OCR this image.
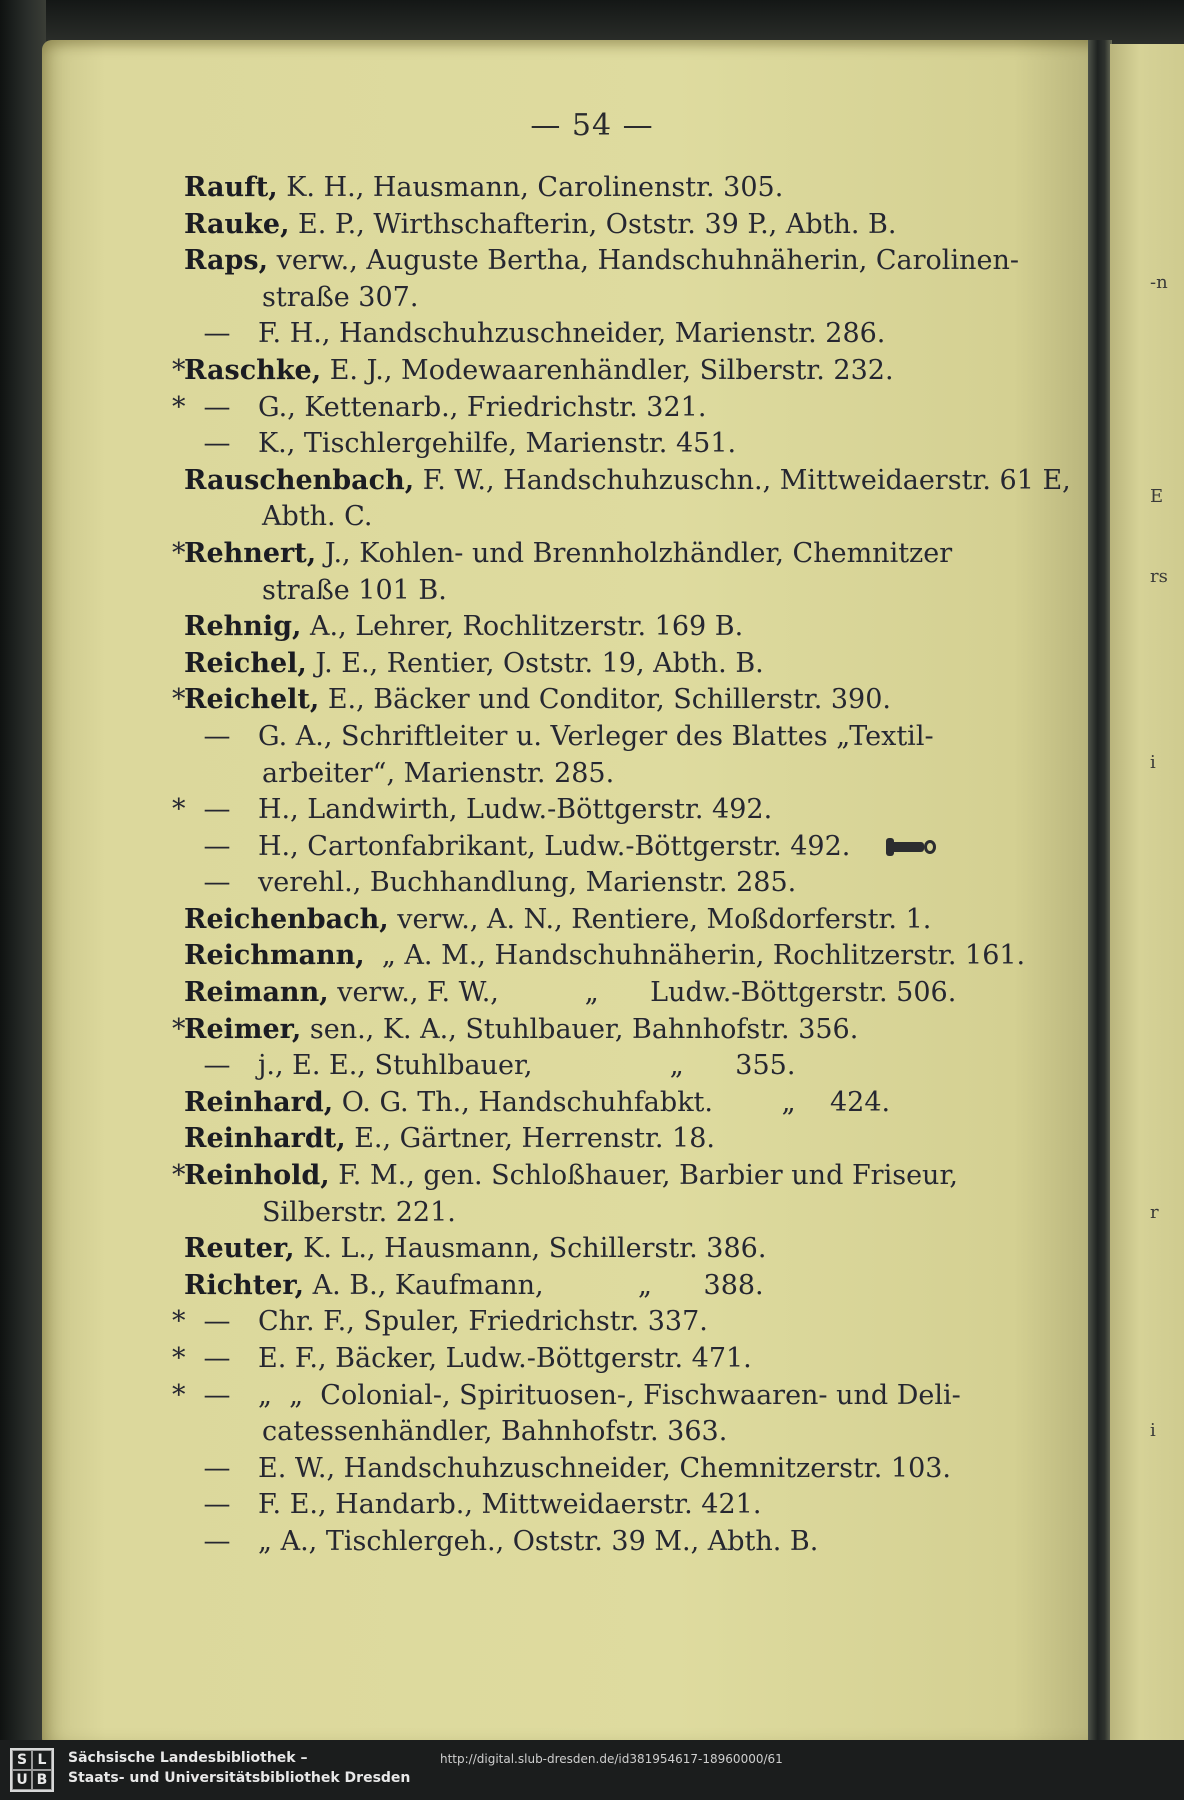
-n
E
rs
i
r
i
— 54 —
Rauft, K. H., Hausmann, Carolinenstr. 305.
Rauke, E. P., Wirthschafterin, Oststr. 39 P., Abth. B.
Raps, verw., Auguste Bertha, Handschuhnäherin, Carolinen-
straße 307.
—	F. H., Handschuhzuschneider, Marienstr. 286.
*
Raschke, E. J., Modewaarenhändler, Silberstr. 232.
* —	G., Kettenarb., Friedrichstr. 321.
—	K., Tischlergehilfe, Marienstr. 451.
Rauschenbach, F. W., Handschuhzuschn., Mittweidaerstr. 61 E,
Abth. C.
*
Rehnert, J., Kohlen- und Brennholzhändler, Chemnitzer
straße 101 B.
Rehnig, A., Lehrer, Rochlitzerstr. 169 B.
Reichel, J. E., Rentier, Oststr. 19, Abth. B.
*
Reichelt, E., Bäcker und Conditor, Schillerstr. 390.
—	G. A., Schriftleiter u. Verleger des Blattes „Textil-
arbeiter“, Marienstr. 285.
* —	H., Landwirth, Ludw.-Böttgerstr. 492.
—	H., Cartonfabrikant, Ludw.-Böttgerstr. 492.
—	verehl., Buchhandlung, Marienstr. 285.
Reichenbach, verw., A. N., Rentiere, Moßdorferstr. 1.
Reichmann,  „ A. M., Handschuhnäherin, Rochlitzerstr. 161.
Reimann, verw., F. W.,          „      Ludw.-Böttgerstr. 506.
*
Reimer, sen., K. A., Stuhlbauer, Bahnhofstr. 356.
—	j., E. E., Stuhlbauer,                „      355.
Reinhard, O. G. Th., Handschuhfabkt.        „    424.
Reinhardt, E., Gärtner, Herrenstr. 18.
*
Reinhold, F. M., gen. Schloßhauer, Barbier und Friseur,
Silberstr. 221.
Reuter, K. L., Hausmann, Schillerstr. 386.
Richter, A. B., Kaufmann,           „      388.
* —	Chr. F., Spuler, Friedrichstr. 337.
* —	E. F., Bäcker, Ludw.-Böttgerstr. 471.
* —	„  „  Colonial-, Spirituosen-, Fischwaaren- und Deli-
catessenhändler, Bahnhofstr. 363.
—	E. W., Handschuhzuschneider, Chemnitzerstr. 103.
—	F. E., Handarb., Mittweidaerstr. 421.
—	„ A., Tischlergeh., Oststr. 39 M., Abth. B.
S L
U B
Sächsische Landesbibliothek –
Staats- und Universitätsbibliothek Dresden
http://digital.slub-dresden.de/id381954617-18960000/61
